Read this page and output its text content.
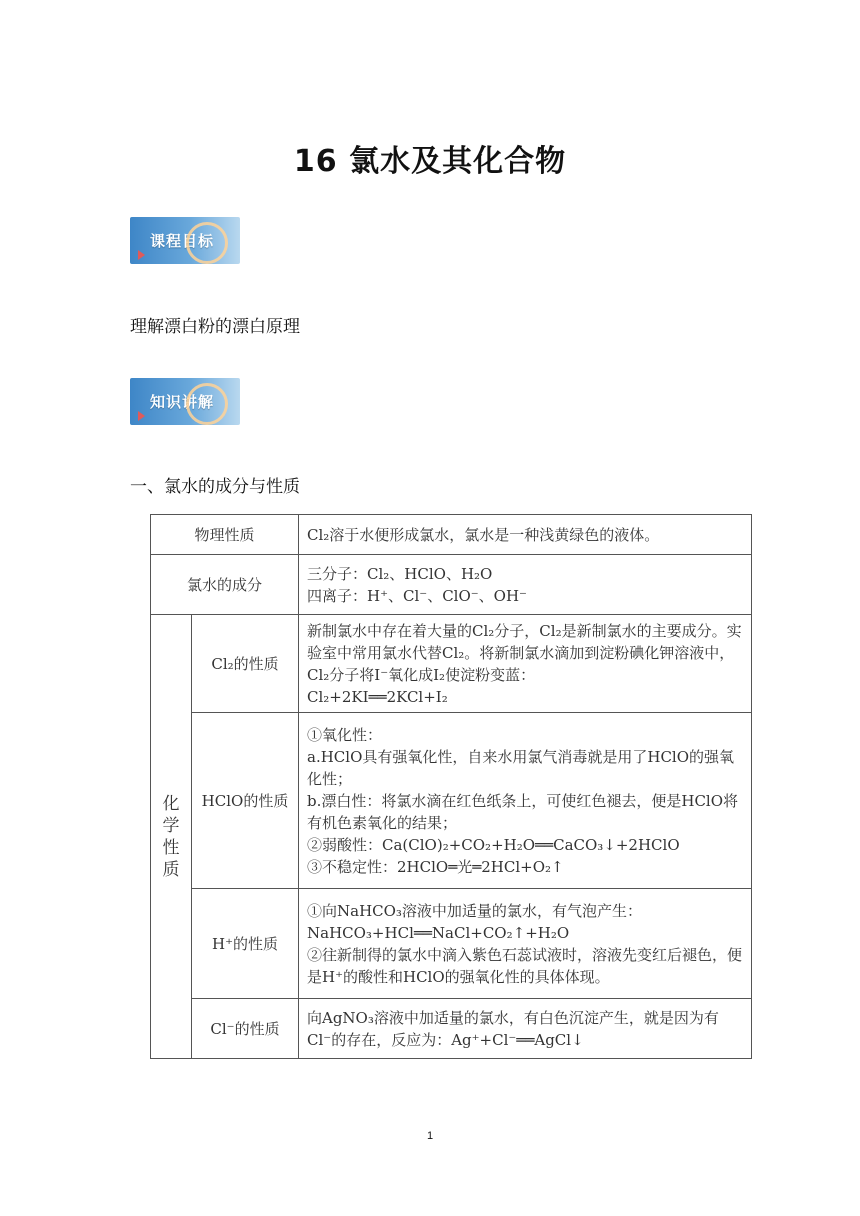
16 氯水及其化合物
课程目标
理解漂白粉的漂白原理
知识讲解
一、氯水的成分与性质
物理性质		Cl₂溶于水便形成氯水，氯水是一种浅黄绿色的液体。
氯水的成分		三分子：Cl₂、HClO、H₂O
四离子：H⁺、Cl⁻、ClO⁻、OH⁻

化
学
性
质	Cl₂的性质	新制氯水中存在着大量的Cl₂分子，Cl₂是新制氯水的主要成分。实验室中常用氯水代替Cl₂。将新制氯水滴加到淀粉碘化钾溶液中，Cl₂分子将I⁻氧化成I₂使淀粉变蓝：
Cl₂+2KI══2KCl+I₂

	HClO的性质	①氧化性：
a.HClO具有强氧化性，自来水用氯气消毒就是用了HClO的强氧化性；
b.漂白性：将氯水滴在红色纸条上，可使红色褪去，便是HClO将有机色素氧化的结果；
②弱酸性：Ca(ClO)₂+CO₂+H₂O══CaCO₃↓+2HClO
③不稳定性：2HClO═光═2HCl+O₂↑

	H⁺的性质	①向NaHCO₃溶液中加适量的氯水，有气泡产生：
NaHCO₃+HCl══NaCl+CO₂↑+H₂O
②往新制得的氯水中滴入紫色石蕊试液时，溶液先变红后褪色，便是H⁺的酸性和HClO的强氧化性的具体体现。

	Cl⁻的性质	向AgNO₃溶液中加适量的氯水，有白色沉淀产生，就是因为有Cl⁻的存在，反应为：Ag⁺+Cl⁻══AgCl↓
1
